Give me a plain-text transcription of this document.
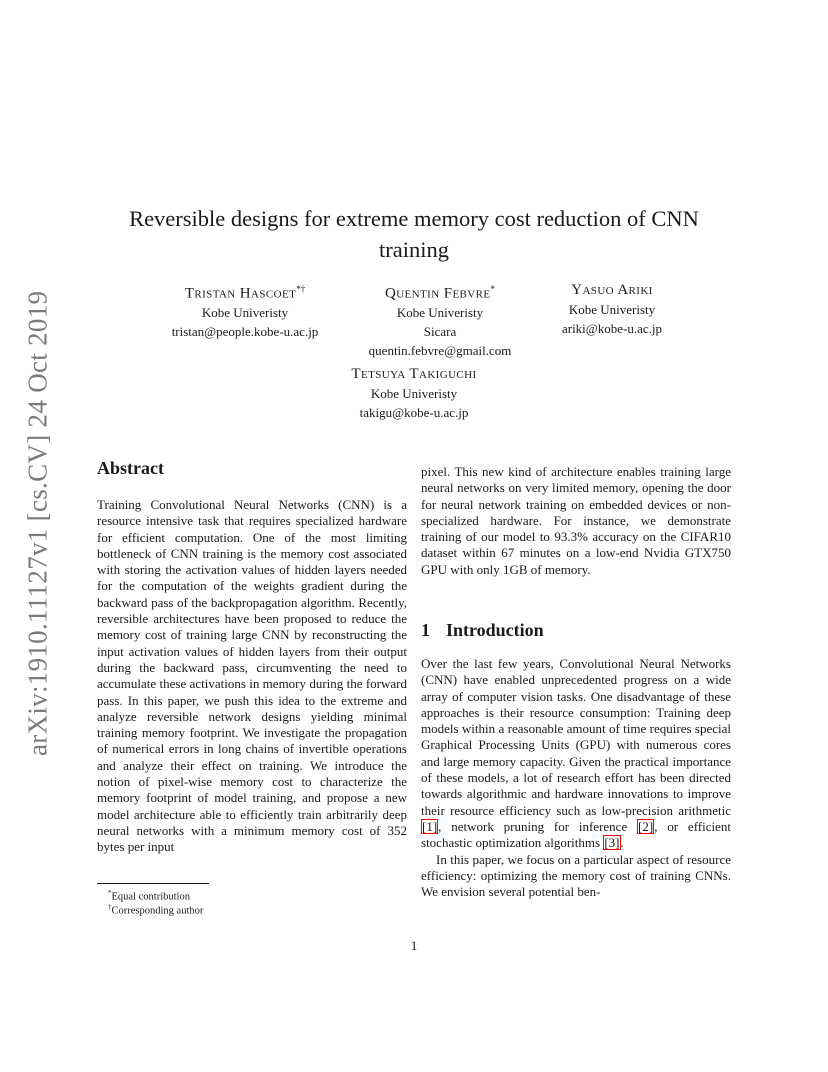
arXiv:1910.11127v1 [cs.CV] 24 Oct 2019
Reversible designs for extreme memory cost reduction of CNN training
Tristan Hascoet*†
Kobe Univeristy
tristan@people.kobe-u.ac.jp
Quentin Febvre*
Kobe Univeristy
Sicara
quentin.febvre@gmail.com
Yasuo Ariki
Kobe Univeristy
ariki@kobe-u.ac.jp
Tetsuya Takiguchi
Kobe Univeristy
takigu@kobe-u.ac.jp
Abstract

Training Convolutional Neural Networks (CNN) is a resource intensive task that requires specialized hardware for efficient computation. One of the most limiting bottleneck of CNN training is the memory cost associated with storing the activation values of hidden layers needed for the computation of the weights gradient during the backward pass of the backpropagation algorithm. Recently, reversible architectures have been proposed to reduce the memory cost of training large CNN by reconstructing the input activation values of hidden layers from their output during the backward pass, circumventing the need to accumulate these activations in memory during the forward pass. In this paper, we push this idea to the extreme and analyze reversible network designs yielding minimal training memory footprint. We investigate the propagation of numerical errors in long chains of invertible operations and analyze their effect on training. We introduce the notion of pixel-wise memory cost to characterize the memory footprint of model training, and propose a new model architecture able to efficiently train arbitrarily deep neural networks with a minimum memory cost of 352 bytes per input

pixel. This new kind of architecture enables training large neural networks on very limited memory, opening the door for neural network training on embedded devices or non-specialized hardware. For instance, we demonstrate training of our model to 93.3% accuracy on the CIFAR10 dataset within 67 minutes on a low-end Nvidia GTX750 GPU with only 1GB of memory.

1 Introduction

Over the last few years, Convolutional Neural Networks (CNN) have enabled unprecedented progress on a wide array of computer vision tasks. One disadvantage of these approaches is their resource consumption: Training deep models within a reasonable amount of time requires special Graphical Processing Units (GPU) with numerous cores and large memory capacity. Given the practical importance of these models, a lot of research effort has been directed towards algorithmic and hardware innovations to improve their resource efficiency such as low-precision arithmetic [1], network pruning for inference [2], or efficient stochastic optimization algorithms [3].

In this paper, we focus on a particular aspect of resource efficiency: optimizing the memory cost of training CNNs. We envision several potential ben-

*Equal contribution
†Corresponding author
1
